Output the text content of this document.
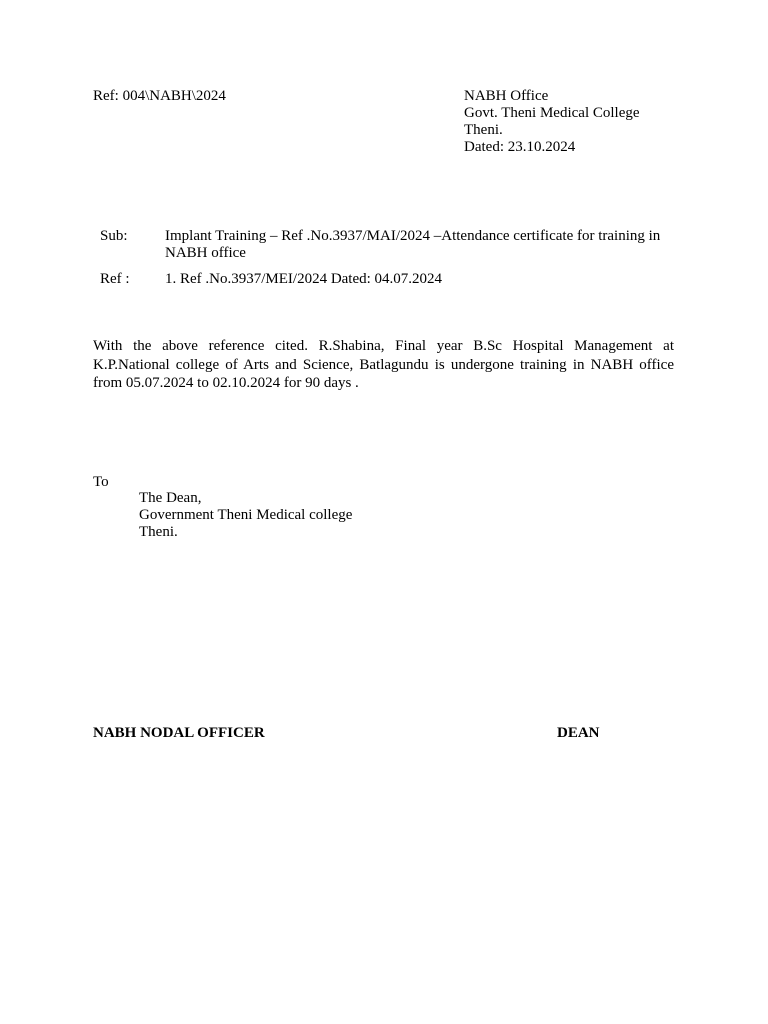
Ref: 004\NABH\2024	NABH Office
Govt. Theni Medical College
Theni.
Dated: 23.10.2024
Sub: Implant Training – Ref .No.3937/MAI/2024 –Attendance certificate for training in NABH office
Ref : 1. Ref .No.3937/MEI/2024 Dated: 04.07.2024
With the above reference cited. R.Shabina, Final year B.Sc Hospital Management at K.P.National college of Arts and Science, Batlagundu is undergone training in NABH office from 05.07.2024 to 02.10.2024 for 90 days .
To
The Dean,
Government Theni Medical college
Theni.
NABH NODAL OFFICER	DEAN
